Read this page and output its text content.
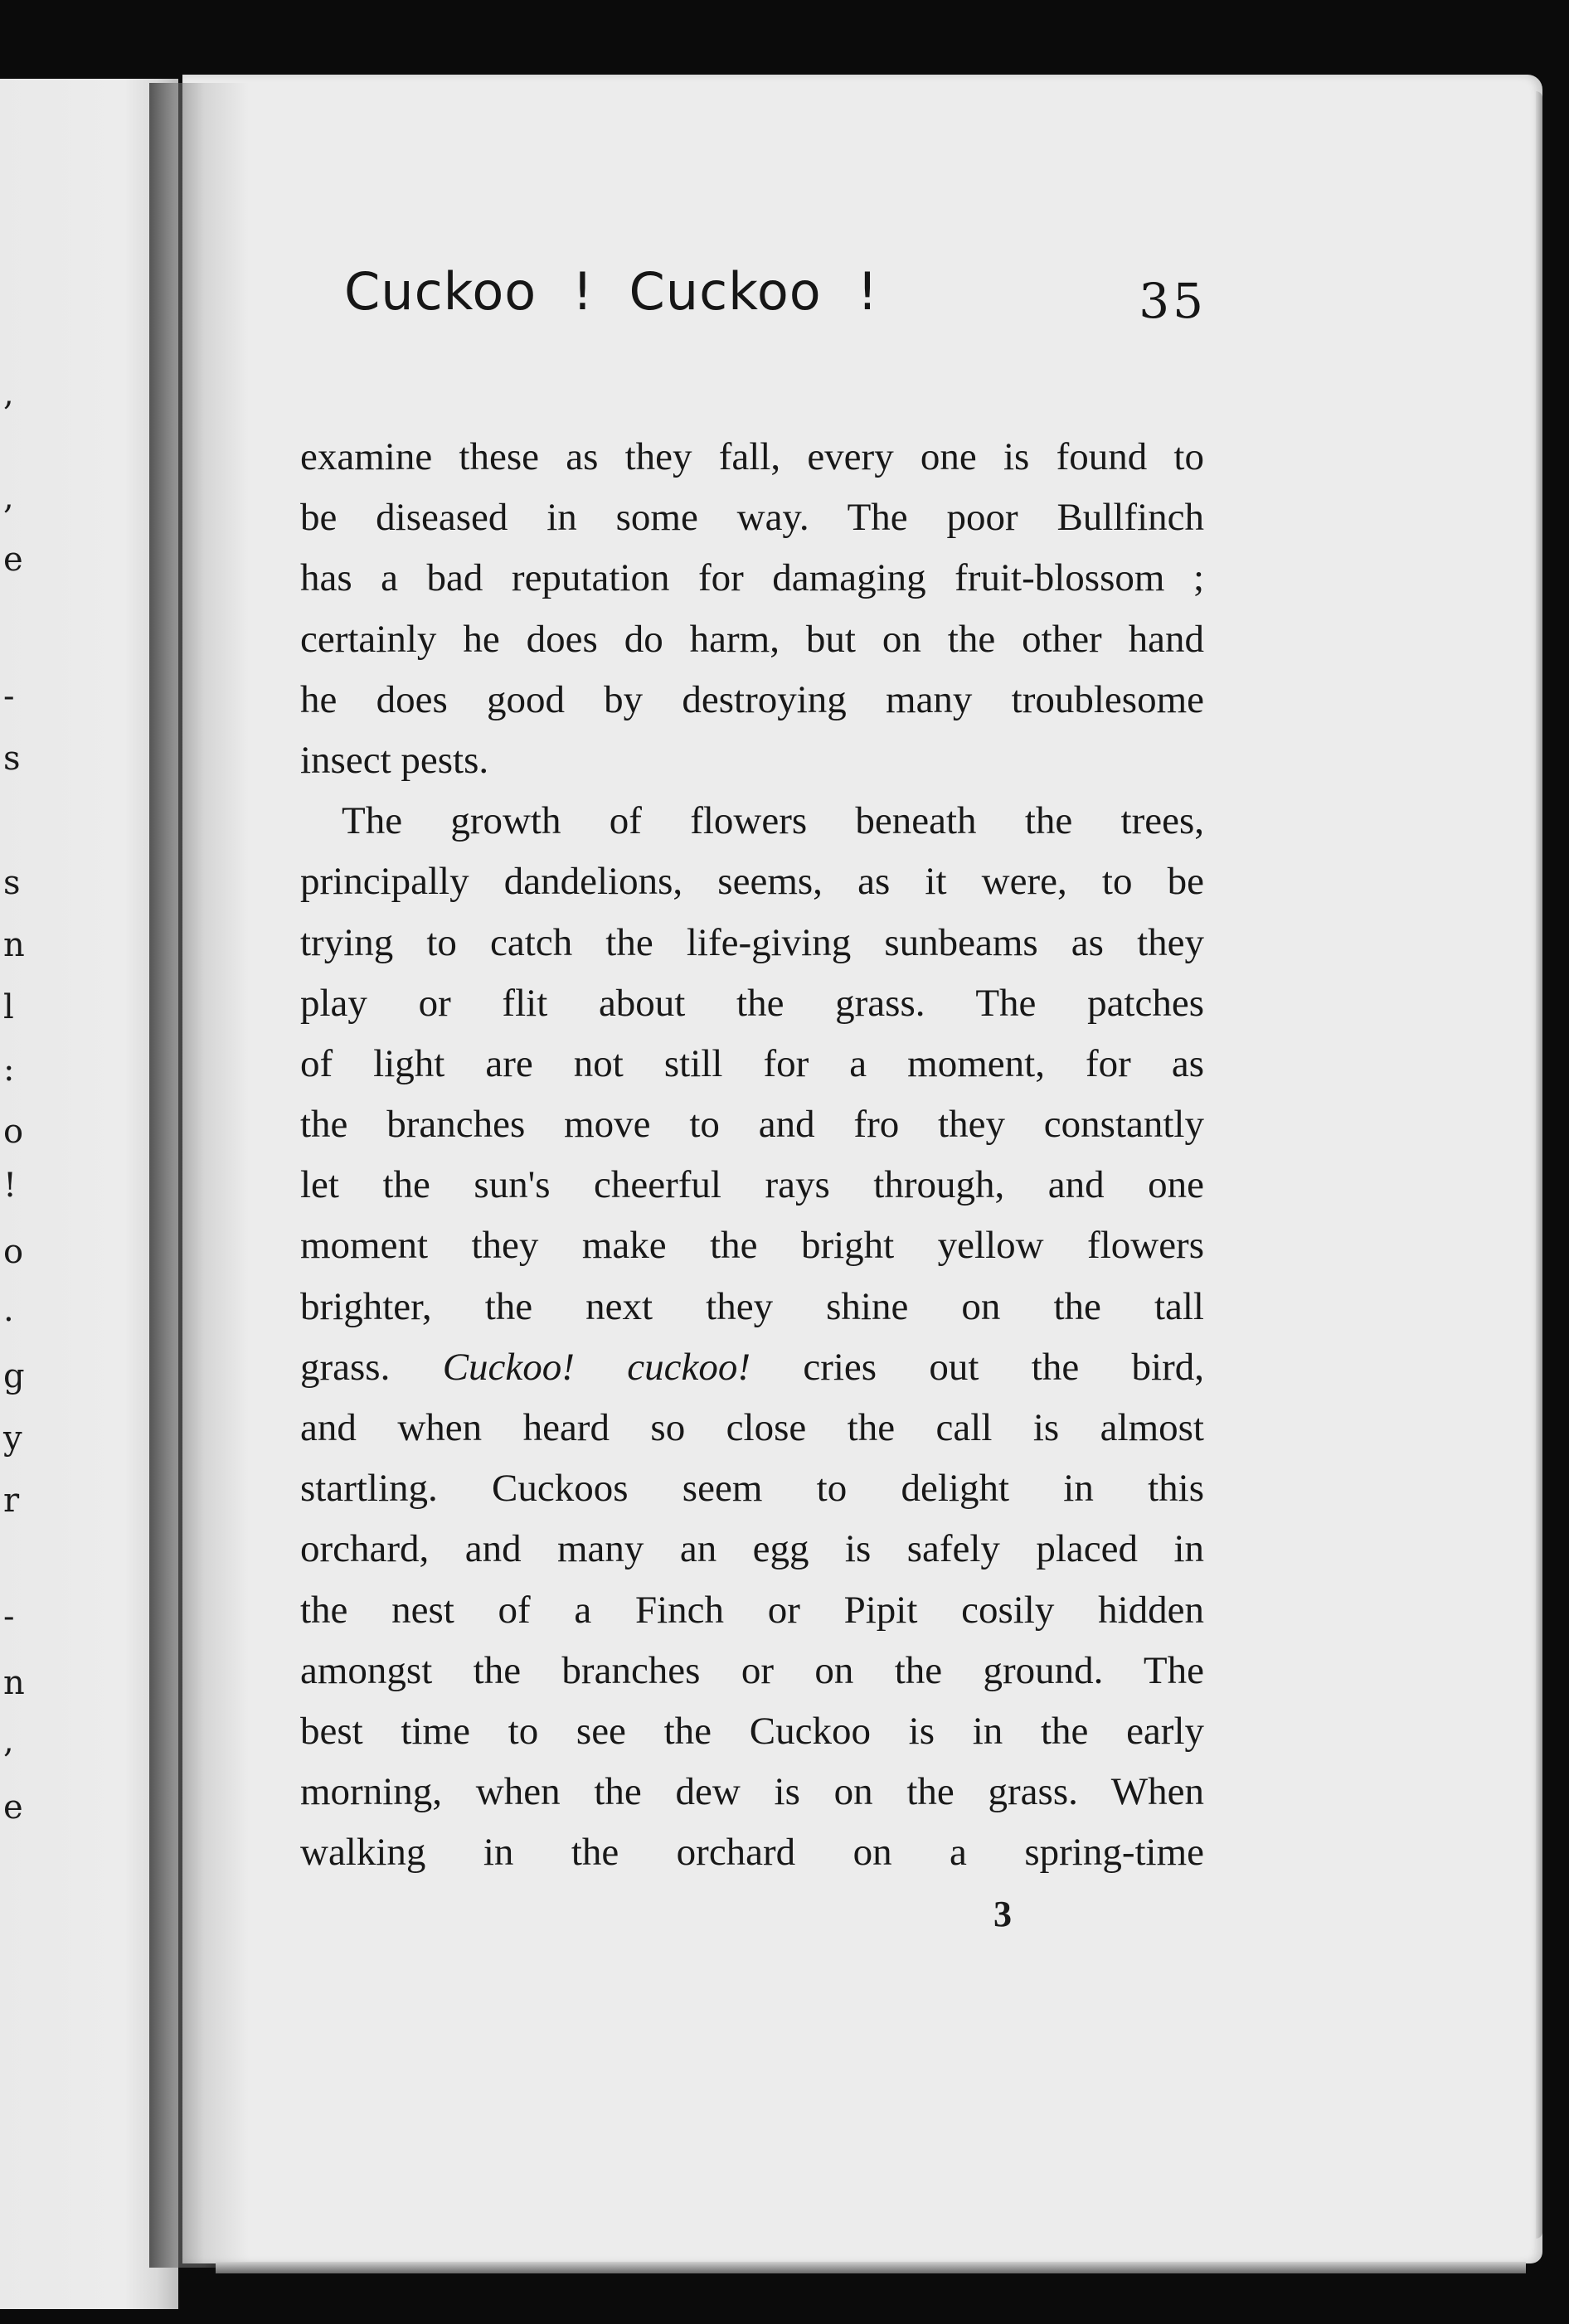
,
,
e
-
s
s
n
l
:
o
!
o
.
g
y
r
-
n
,
e
Cuckoo ! Cuckoo !	35
examine these as they fall, every one is found to
be diseased in some way. The poor Bullfinch
has a bad reputation for damaging fruit-blossom ;
certainly he does do harm, but on the other hand
he does good by destroying many troublesome
insect pests.
The growth of flowers beneath the trees,
principally dandelions, seems, as it were, to be
trying to catch the life-giving sunbeams as they
play or flit about the grass. The patches
of light are not still for a moment, for as
the branches move to and fro they constantly
let the sun's cheerful rays through, and one
moment they make the bright yellow flowers
brighter, the next they shine on the tall
grass. Cuckoo! cuckoo! cries out the bird,
and when heard so close the call is almost
startling. Cuckoos seem to delight in this
orchard, and many an egg is safely placed in
the nest of a Finch or Pipit cosily hidden
amongst the branches or on the ground. The
best time to see the Cuckoo is in the early
morning, when the dew is on the grass. When
walking in the orchard on a spring-time
3
